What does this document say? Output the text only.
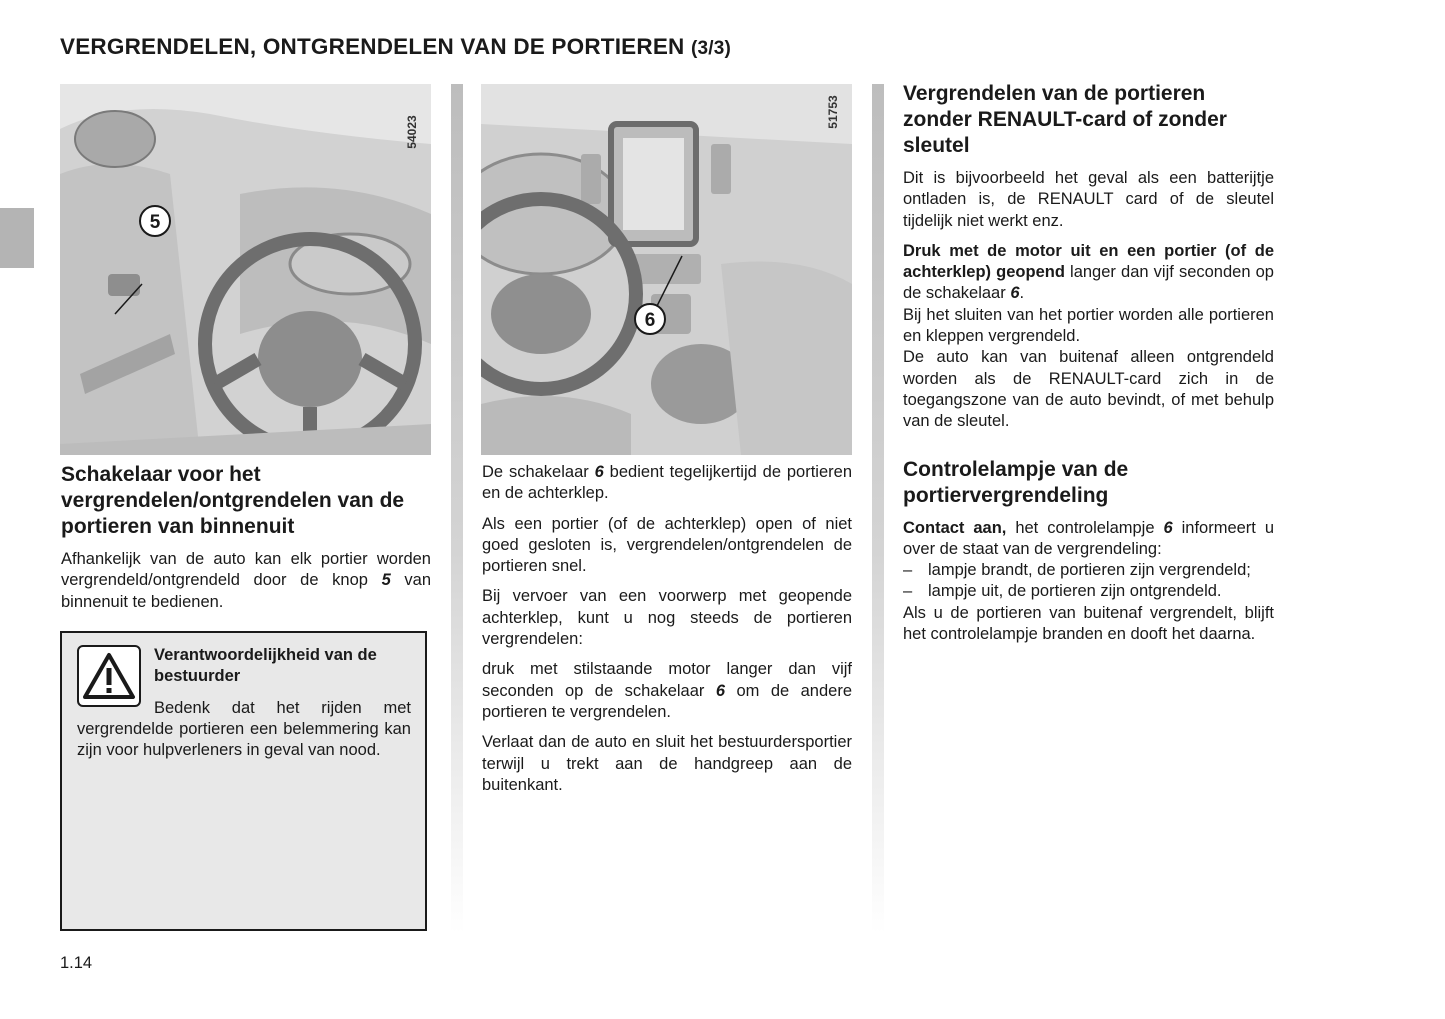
VERGRENDELEN, ONTGRENDELEN VAN DE PORTIEREN (3/3)
5
54023
6
51753
Schakelaar voor het vergrendelen/ontgrendelen van de portieren van binnenuit

Afhankelijk van de auto kan elk portier worden vergrendeld/ontgrendeld door de knop 5 van binnenuit te bedienen.

Verantwoordelijkheid van de bestuurder

Bedenk dat het rijden met vergrendelde portieren een belemmering kan zijn voor hulpverleners in geval van nood.

De schakelaar 6 bedient tegelijkertijd de portieren en de achterklep.

Als een portier (of de achterklep) open of niet goed gesloten is, vergrendelen/ontgrendelen de portieren snel.

Bij vervoer van een voorwerp met geopende achterklep, kunt u nog steeds de portieren vergrendelen:

druk met stilstaande motor langer dan vijf seconden op de schakelaar 6 om de andere portieren te vergrendelen.

Verlaat dan de auto en sluit het bestuurdersportier terwijl u trekt aan de handgreep aan de buitenkant.

Vergrendelen van de portieren zonder RENAULT-card of zonder sleutel

Dit is bijvoorbeeld het geval als een batterijtje ontladen is, de RENAULT card of de sleutel tijdelijk niet werkt enz.

Druk met de motor uit en een portier (of de achterklep) geopend langer dan vijf seconden op de schakelaar 6.

Bij het sluiten van het portier worden alle portieren en kleppen vergrendeld.

De auto kan van buitenaf alleen ontgrendeld worden als de RENAULT-card zich in de toegangszone van de auto bevindt, of met behulp van de sleutel.

Controlelampje van de portiervergrendeling

Contact aan, het controlelampje 6 informeert u over de staat van de vergrendeling:

– lampje brandt, de portieren zijn vergrendeld;
– lampje uit, de portieren zijn ontgrendeld.

Als u de portieren van buitenaf vergrendelt, blijft het controlelampje branden en dooft het daarna.

1.14
